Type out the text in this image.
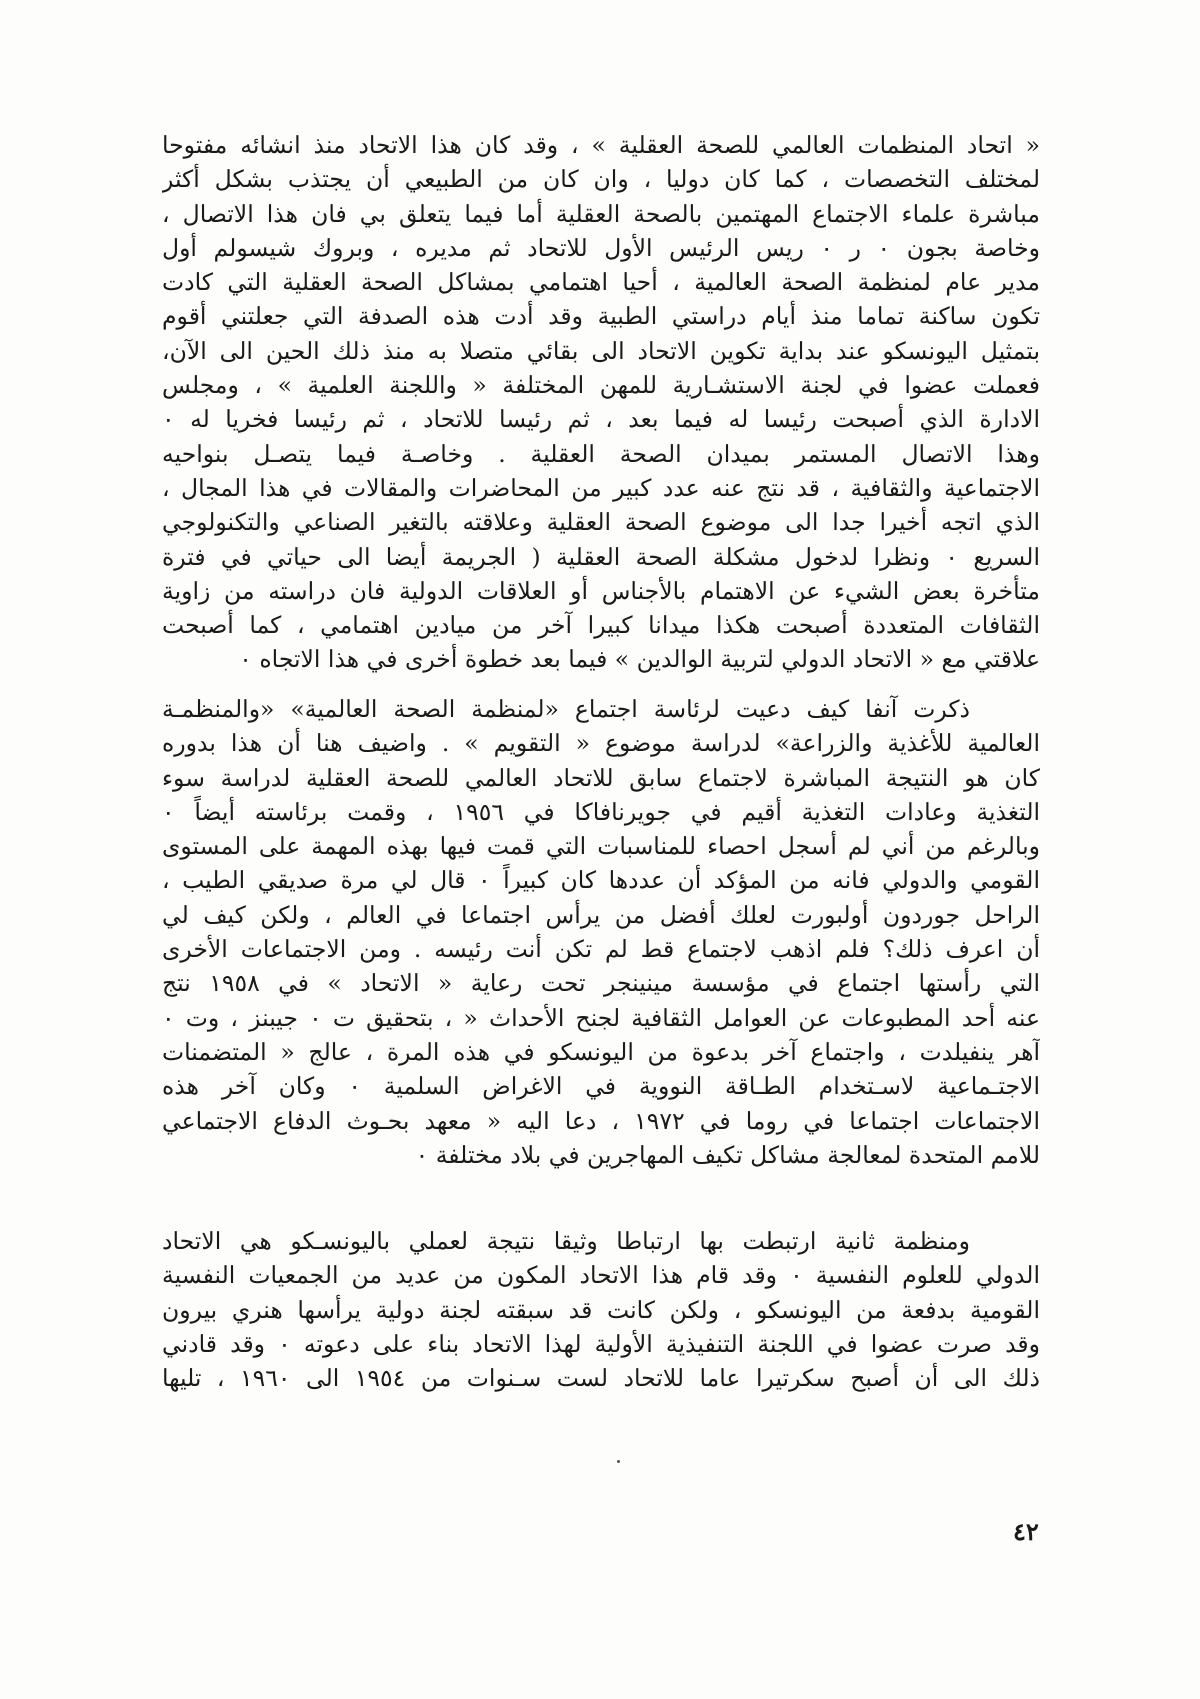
« اتحاد المنظمات العالمي للصحة العقلية » ، وقد كان هذا الاتحاد منذ انشائه مفتوحا
لمختلف التخصصات ، كما كان دوليا ، وان كان من الطبيعي أن يجتذب بشكل أكثر
مباشرة علماء الاجتماع المهتمين بالصحة العقلية أما فيما يتعلق بي فان هذا الاتصال ،
وخاصة بجون ٠ ر ٠ ريس الرئيس الأول للاتحاد ثم مديره ، وبروك شيسولم أول
مدير عام لمنظمة الصحة العالمية ، أحيا اهتمامي بمشاكل الصحة العقلية التي كادت
تكون ساكنة تماما منذ أيام دراستي الطبية وقد أدت هذه الصدفة التي جعلتني أقوم
بتمثيل اليونسكو عند بداية تكوين الاتحاد الى بقائي متصلا به منذ ذلك الحين الى الآن،
فعملت عضوا في لجنة الاستشـارية للمهن المختلفة « واللجنة العلمية » ، ومجلس
الادارة الذي أصبحت رئيسا له فيما بعد ، ثم رئيسا للاتحاد ، ثم رئيسا فخريا له ٠
وهذا الاتصال المستمر بميدان الصحة العقلية . وخاصـة فيما يتصـل بنواحيه
الاجتماعية والثقافية ، قد نتج عنه عدد كبير من المحاضرات والمقالات في هذا المجال ،
الذي اتجه أخيرا جدا الى موضوع الصحة العقلية وعلاقته بالتغير الصناعي والتكنولوجي
السريع ٠ ونظرا لدخول مشكلة الصحة العقلية ( الجريمة أيضا الى حياتي في فترة
متأخرة بعض الشيء عن الاهتمام بالأجناس أو العلاقات الدولية فان دراسته من زاوية
الثقافات المتعددة أصبحت هكذا ميدانا كبيرا آخر من ميادين اهتمامي ، كما أصبحت
علاقتي مع « الاتحاد الدولي لتربية الوالدين » فيما بعد خطوة أخرى في هذا الاتجاه ٠
ذكرت آنفا كيف دعيت لرئاسة اجتماع «لمنظمة الصحة العالمية» «والمنظمـة
العالمية للأغذية والزراعة» لدراسة موضوع « التقويم » . واضيف هنا أن هذا بدوره
كان هو النتيجة المباشرة لاجتماع سابق للاتحاد العالمي للصحة العقلية لدراسة سوء
التغذية وعادات التغذية أقيم في جويرنافاكا في ١٩٥٦ ، وقمت برئاسته أيضاً ٠
وبالرغم من أني لم أسجل احصاء للمناسبات التي قمت فيها بهذه المهمة على المستوى
القومي والدولي فانه من المؤكد أن عددها كان كبيراً ٠ قال لي مرة صديقي الطيب ،
الراحل جوردون أولبورت لعلك أفضل من يرأس اجتماعا في العالم ، ولكن كيف لي
أن اعرف ذلك؟ فلم اذهب لاجتماع قط لم تكن أنت رئيسه . ومن الاجتماعات الأخرى
التي رأستها اجتماع في مؤسسة مينينجر تحت رعاية « الاتحاد » في ١٩٥٨ نتج
عنه أحد المطبوعات عن العوامل الثقافية لجنح الأحداث « ، بتحقيق ت ٠ جيبنز ، وت ٠
آهر ينفيلدت ، واجتماع آخر بدعوة من اليونسكو في هذه المرة ، عالج « المتضمنات
الاجتـماعية لاسـتخدام الطـاقة النووية في الاغراض السلمية ٠ وكان آخر هذه
الاجتماعات اجتماعا في روما في ١٩٧٢ ، دعا اليه « معهد بحـوث الدفاع الاجتماعي
للامم المتحدة لمعالجة مشاكل تكيف المهاجرين في بلاد مختلفة ٠
ومنظمة ثانية ارتبطت بها ارتباطا وثيقا نتيجة لعملي باليونسـكو هي الاتحاد
الدولي للعلوم النفسية ٠ وقد قام هذا الاتحاد المكون من عديد من الجمعيات النفسية
القومية بدفعة من اليونسكو ، ولكن كانت قد سبقته لجنة دولية يرأسها هنري بيرون
وقد صرت عضوا في اللجنة التنفيذية الأولية لهذا الاتحاد بناء على دعوته ٠ وقد قادني
ذلك الى أن أصبح سكرتيرا عاما للاتحاد لست سـنوات من ١٩٥٤ الى ١٩٦٠ ، تليها
٤٢
